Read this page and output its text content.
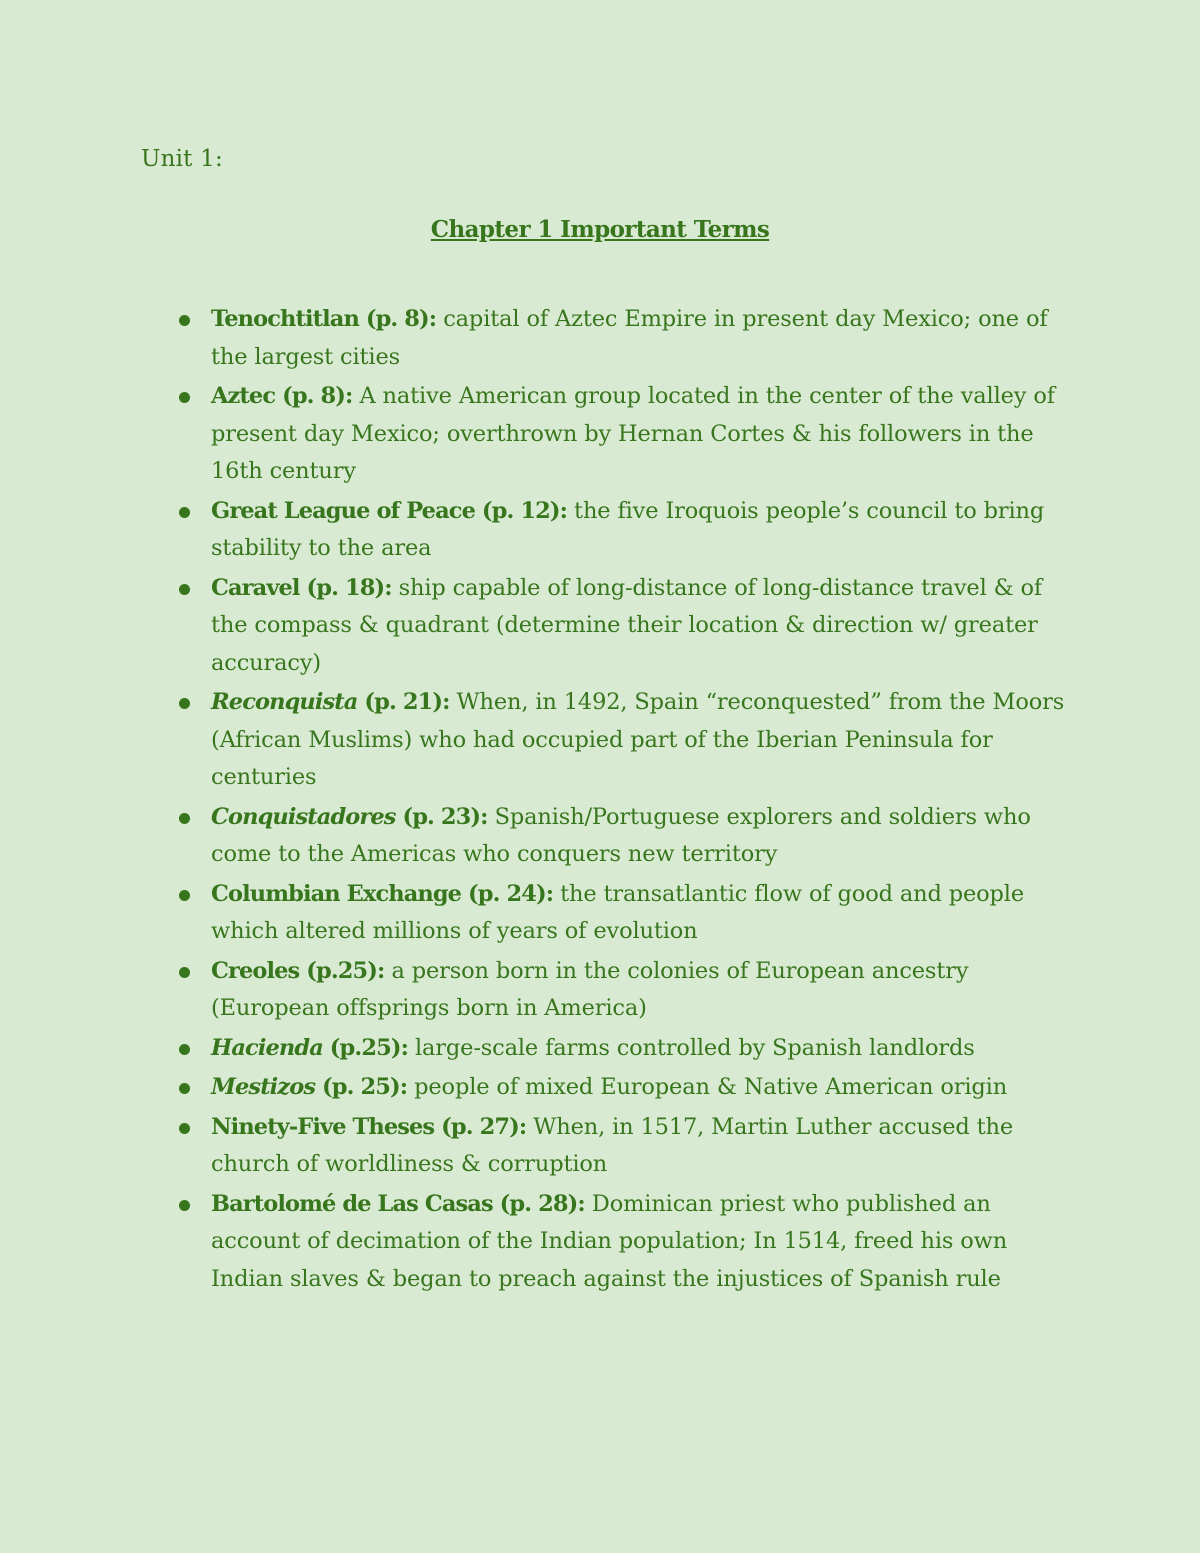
Unit 1:
Chapter 1 Important Terms
Tenochtitlan (p. 8): capital of Aztec Empire in present day Mexico; one of the largest cities
Aztec (p. 8): A native American group located in the center of the valley of present day Mexico; overthrown by Hernan Cortes & his followers in the 16th century
Great League of Peace (p. 12): the five Iroquois people’s council to bring stability to the area
Caravel (p. 18): ship capable of long-distance of long-distance travel & of the compass & quadrant (determine their location & direction w/ greater accuracy)
Reconquista (p. 21): When, in 1492, Spain “reconquested” from the Moors (African Muslims) who had occupied part of the Iberian Peninsula for centuries
Conquistadores (p. 23): Spanish/Portuguese explorers and soldiers who come to the Americas who conquers new territory
Columbian Exchange (p. 24): the transatlantic flow of good and people which altered millions of years of evolution
Creoles (p.25): a person born in the colonies of European ancestry (European offsprings born in America)
Hacienda (p.25): large-scale farms controlled by Spanish landlords
Mestizos (p. 25): people of mixed European & Native American origin
Ninety-Five Theses (p. 27): When, in 1517, Martin Luther accused the church of worldliness & corruption
Bartolomé de Las Casas (p. 28): Dominican priest who published an account of decimation of the Indian population; In 1514, freed his own Indian slaves & began to preach against the injustices of Spanish rule
